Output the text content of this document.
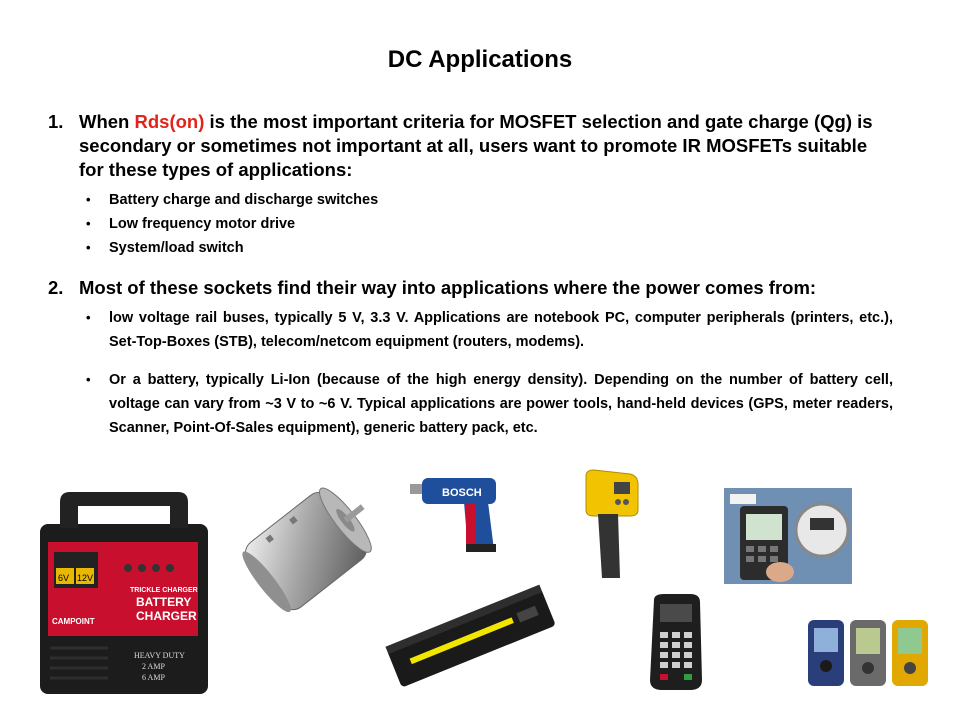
DC Applications
1. When Rds(on) is the most important criteria for MOSFET selection and gate charge (Qg) is secondary or sometimes not important at all, users want to promote IR MOSFETs suitable for these types of applications:
• Battery charge and discharge switches
• Low frequency motor drive
• System/load switch
2. Most of these sockets find their way into applications where the power comes from:
• low voltage rail buses, typically 5 V, 3.3 V. Applications are notebook PC, computer peripherals (printers, etc.), Set-Top-Boxes (STB), telecom/netcom equipment (routers, modems).
• Or a battery, typically Li-Ion (because of the high energy density). Depending on the number of battery cell, voltage can vary from ~3 V to ~6 V. Typical applications are power tools, hand-held devices (GPS, meter readers, Scanner, Point-Of-Sales equipment), generic battery pack, etc.
6V 12V
TRICKLE CHARGER
BATTERY
CHARGER
CAMPOINT
HEAVY DUTY
2 AMP
6 AMP
BOSCH
